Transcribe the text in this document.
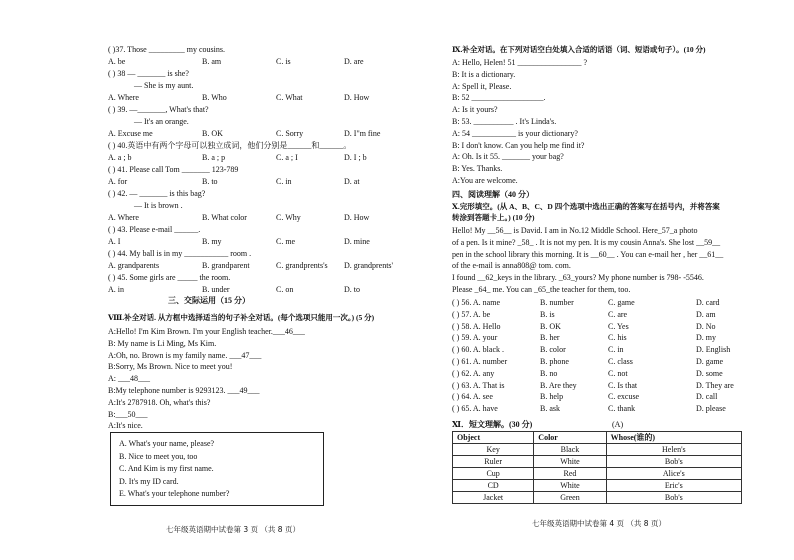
( )37. Those _________ my cousins.
A. be	B. am	C. is	D. are
( ) 38 — _______ is she?
— She is my aunt.
A. Where	B. Who	C. What	D. How
( ) 39. —_______, What's that?
— It's an orange.
A. Excuse me	B. OK	C. Sorry	D. I"m fine
( ) 40.英语中有两个字母可以独立成词，他们分别是______和______。
A. a ; b	B. a ; p	C. a ; I	D. I ; b
( ) 41. Please call Tom _______ 123-789
A. for	B. to	C. in	D. at
( ) 42. — _______ is this bag?
— It is brown .
A. Where	B. What color	C. Why	D. How
( ) 43. Please e-mail ______.
A. I	B. my	C. me	D. mine
( ) 44. My ball is in my ___________ room .
A. grandparents	B. grandparent	C. grandprents's D. grandprents'
( ) 45. Some girls are _____ the room.
A. in	B. under	C. on	D. to
三、交际运用（15 分）
Ⅷ.补全对话. 从方框中选择适当的句子补全对话。(每个选项只能用一次。) (5 分)
A:Hello! I'm Kim Brown. I'm your English teacher.___46___
B: My name is Li Ming, Ms Kim.
A:Oh, no. Brown is my family name. ___47___
B:Sorry, Ms Brown. Nice to meet you!
A: ___48___
B:My telephone number is 9293123. ___49___
A:It's 2787918. Oh, what's this?
B:___50___
A:It's nice.
A. What's your name, please?
B. Nice to meet you, too
C. And Kim is my first name.
D. It's my ID card.
E. What's your telephone number?
七年级英语期中试卷第 3 页 （共 8 页）
Ⅸ.补全对话。在下列对话空白处填入合适的话语（词、短语或句子）。(10 分)
A: Hello, Helen! 51 ________________ ?
B: It is a dictionary.
A: Spell it, Please.
B: 52 __________________.
A: Is it yours?
B: 53. __________ . It's Linda's.
A: 54 ___________ is your dictionary?
B: I don't know. Can you help me find it?
A: Oh. Is it 55. _______ your bag?
B: Yes. Thanks.
A:You are welcome.
四、阅读理解（40 分）
Ⅹ.完形填空。(从 A、B、C、D 四个选项中选出正确的答案写在括号内，并将答案
转涂到答题卡上。) (10 分)
Hello! My __56__ is David. I am in No.12 Middle School. Here_57_a photo
of a pen. Is it mine? _58_ . It is not my pen. It is my cousin Anna's. She lost __59__
pen in the school library this morning. It is __60__ . You can e-mail her , her __61__
of the e-mail is anna808@ tom. com.
I found __62_keys in the library. _63_yours? My phone number is 798- -5546.
Please _64_ me. You can _65_the teacher for them, too.
( ) 56. A. name	B. number	C. game	D. card
( ) 57. A. be	B. is	C. are	D. am
( ) 58. A. Hello	B. OK	C. Yes	D. No
( ) 59. A. your	B. her	C. his	D. my
( ) 60. A. black .	B. color	C. in	D. English
( ) 61. A. number	B. phone	C. class	D. game
( ) 62. A. any	B. no	C. not	D. some
( ) 63. A. That is	B. Are they	C. Is that	D. They are
( ) 64. A. see	B. help	C. excuse	D. call
( ) 65. A. have	B. ask	C. thank	D. please
Ⅺ．短文理解。(30 分)	(A)
Object	Color	Whose(谁的)
Key	Black	Helen's
Ruler	White	Bob's
Cup	Red	Alice's
CD	White	Eric's
Jacket	Green	Bob's
七年级英语期中试卷第 4 页 （共 8 页）
